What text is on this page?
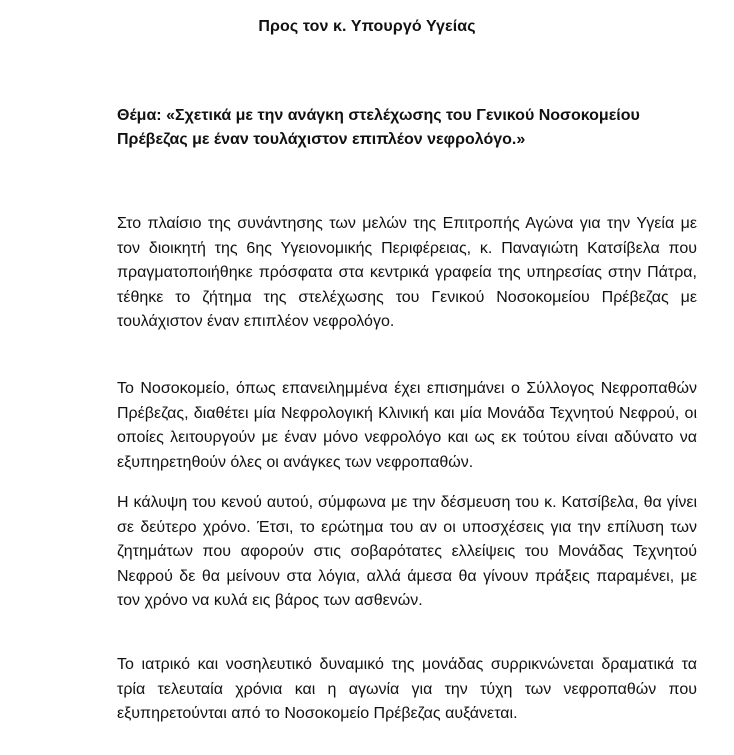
Προς τον κ. Υπουργό Υγείας
Θέμα: «Σχετικά με την ανάγκη στελέχωσης του Γενικού Νοσοκομείου Πρέβεζας με έναν τουλάχιστον επιπλέον νεφρολόγο.»
Στο πλαίσιο της συνάντησης των μελών της Επιτροπής Αγώνα για την Υγεία με τον διοικητή της 6ης Υγειονομικής Περιφέρειας, κ. Παναγιώτη Κατσίβελα που πραγματοποιήθηκε πρόσφατα στα κεντρικά γραφεία της υπηρεσίας στην Πάτρα, τέθηκε το ζήτημα της στελέχωσης του Γενικού Νοσοκομείου Πρέβεζας με τουλάχιστον έναν επιπλέον νεφρολόγο.
Το Νοσοκομείο, όπως επανειλημμένα έχει επισημάνει ο Σύλλογος Νεφροπαθών Πρέβεζας, διαθέτει μία Νεφρολογική Κλινική και μία Μονάδα Τεχνητού Νεφρού, οι οποίες λειτουργούν με έναν μόνο νεφρολόγο και ως εκ τούτου είναι αδύνατο να εξυπηρετηθούν όλες οι ανάγκες των νεφροπαθών.
Η κάλυψη του κενού αυτού, σύμφωνα με την δέσμευση του κ. Κατσίβελα, θα γίνει σε δεύτερο χρόνο. Έτσι, το ερώτημα του αν οι υποσχέσεις για την επίλυση των ζητημάτων που αφορούν στις σοβαρότατες ελλείψεις του Μονάδας Τεχνητού Νεφρού δε θα μείνουν στα λόγια, αλλά άμεσα θα γίνουν πράξεις παραμένει, με τον χρόνο να κυλά εις βάρος των ασθενών.
Το ιατρικό και νοσηλευτικό δυναμικό της μονάδας συρρικνώνεται δραματικά τα τρία τελευταία χρόνια και η αγωνία για την τύχη των νεφροπαθών που εξυπηρετούνται από το Νοσοκομείο Πρέβεζας αυξάνεται.
